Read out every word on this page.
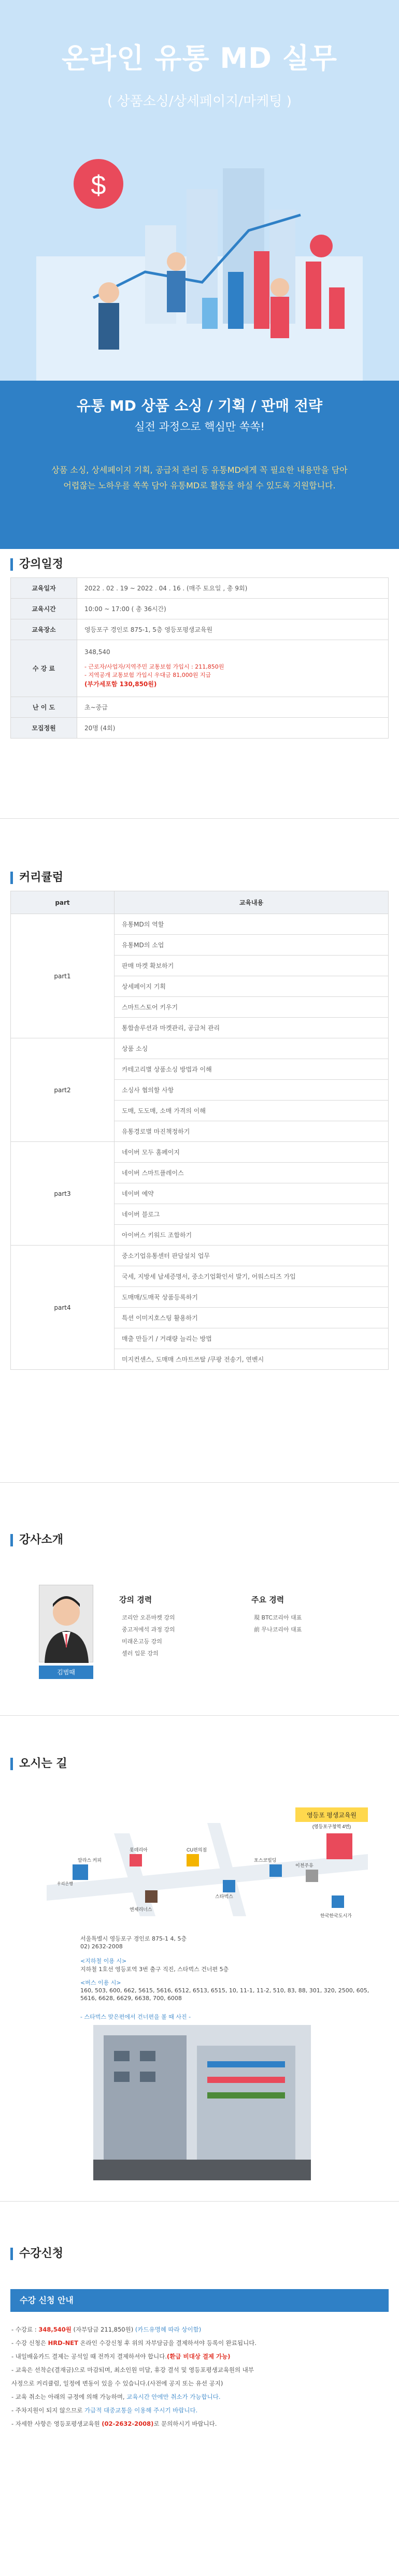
온라인 유통 MD 실무
( 상품소싱/상세페이지/마케팅 )
$
유통 MD 상품 소싱 / 기획 / 판매 전략
실전 과정으로 핵심만 쏙쏙!
상품 소싱, 상세페이지 기획, 공급처 관리 등 유통MD에게 꼭 필요한 내용만을 담아
어렵잖는 노하우를 쏙쏙 담아 유통MD로 활동을 하실 수 있도록 지원합니다.
강의일정
교육일자	2022 . 02 . 19 ~ 2022 . 04 . 16 . (매주 토요일 , 총 9회)
교육시간	10:00 ~ 17:00 ( 총 36시간)
교육장소	영등포구 경인로 875-1, 5층 영등포평생교육원
수 강 료	348,540
- 근로자/사업자/지역주민 교통보험 가입시 : 211,850원
- 지역공개 교통보험 가입시 우대금 81,000원 지급
(부가세포함 130,850원)

난 이 도	초~중급
모집정원	20명 (4회)
커리큘럼
part	교육내용
part1	유통MD의 역할
	유통MD의 소업
	판매 마켓 확보하기
	상세페이지 기획
	스마트스토어 키우기
	통합솔루션과 마켓관리, 공급처 관리
part2	상품 소싱
	카테고리별 상품소싱 방법과 이해
	소싱사 협의할 사항
	도매, 도도매, 소매 가격의 이해
	유통경로별 마진책정하기
part3	네이버 모두 홈페이지
	네이버 스마트플레이스
	네이버 예약
	네이버 블로그
	아이버스 키워드 조합하기
part4	중소기업유통센터 판담설치 업무
	국세, 지방세 납세증명서, 중소기업확인서 발기, 어워스티즈 가입
	도매매/도매꾹 상품등록하기
	특션 이미지호스팅 활용하기
	매출 만들기 / 거래량 늘리는 방법
	미지컨센스, 도매매 스마트쓰탈 /쿠팡 전송기, 연벤시
강사소개
김범때
강의 경력
코리안 오픈마켓 강의
중고저에석 과정 강의
미래온고등 강의
셀러 입문 강의
주요 경력
現 BTC코리아 대표
前 무나코리아 대표
오시는 길
영등포 평생교육원
(영등포구청역 4번)
알라스 커피
롯데리아	CU편의점
포스코빌딩
이천주유
우리은행
스타벅스
한국한국도시가
엔제리너스
서울특별시 영등포구 경인로 875-1 4, 5층
02) 2632-2008
<지하철 이용 시>
지하철 1호선 영등포역 3번 출구 직진, 스타벅스 건너편 5층
<버스 이용 시>
160, 503, 600, 662, 5615, 5616, 6512, 6513, 6515, 10, 11-1, 11-2, 510, 83, 88, 301, 320, 2500, 605, 5616, 6628, 6629, 6638, 700, 6008
- 스타벅스 맞은편에서 건너편을 볼 때 사진 -
수강신청
수강 신청 안내
- 수강료 : 348,540원 (자부담금 211,850원) (카드유명혜 따라 상이함)
- 수강 신청은 HRD-NET 온라인 수강신청 후 위의 자부담금을 결제하셔야 등록이 완료됩니다.
- 내일배움카드 결제는 공석일 때 전까지 결제하셔야 합니다.(환급 비대상 결제 가능)
- 교육은 선착순(결재금)으로 마감되며, 최소인원 미달, 휴강 결석 및 영등포평생교육원의 내부
사정으로 커리큘럼, 일정에 변동이 있을 수 있습니다.(사전에 공지 또는 유선 공지)
- 교육 취소는 아래의 규정에 의해 가능하며, 교육시간 안에만 취소가 가능합니다.
- 주차지원이 되지 않으므로 가급적 대중교통을 이용해 주시기 바랍니다.
- 자세한 사항은 영등포평생교육원 (02-2632-2008)로 문의하시기 바랍니다.
